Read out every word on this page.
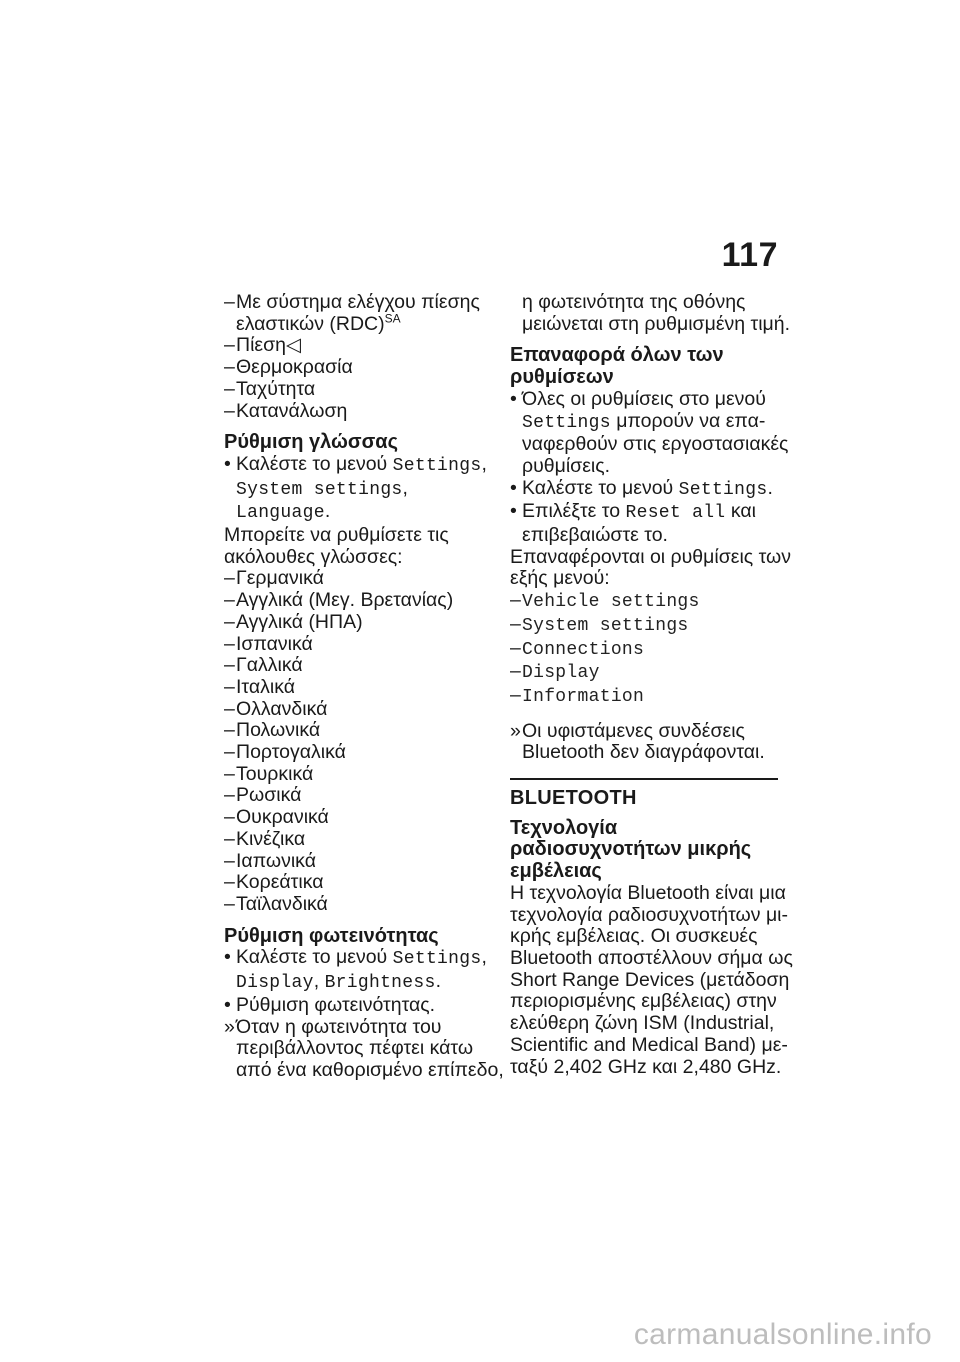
117
– Με σύστημα ελέγχου πίεσης
ελαστικών (RDC)$^{SA}$
– Πίεση◁
– Θερμοκρασία
– Ταχύτητα
– Κατανάλωση
Ρύθμιση γλώσσας
• Καλέστε το μενού Settings,
System settings,
Language.
Μπορείτε να ρυθμίσετε τις
ακόλουθες γλώσσες:
– Γερμανικά
– Αγγλικά (Μεγ. Βρετανίας)
– Αγγλικά (ΗΠΑ)
– Ισπανικά
– Γαλλικά
– Ιταλικά
– Ολλανδικά
– Πολωνικά
– Πορτογαλικά
– Τουρκικά
– Ρωσικά
– Ουκρανικά
– Κινέζικα
– Ιαπωνικά
– Κορεάτικα
– Ταϊλανδικά
Ρύθμιση φωτεινότητας
• Καλέστε το μενού Settings,
Display, Brightness.
• Ρύθμιση φωτεινότητας.
» Όταν η φωτεινότητα του
περιβάλλοντος πέφτει κάτω
από ένα καθορισμένο επίπεδο,
η φωτεινότητα της οθόνης
μειώνεται στη ρυθμισμένη τιμή.
Επαναφορά όλων των
ρυθμίσεων
• Όλες οι ρυθμίσεις στο μενού
Settings μπορούν να επα-
ναφερθούν στις εργοστασιακές
ρυθμίσεις.
• Καλέστε το μενού Settings.
• Επιλέξτε το Reset all και
επιβεβαιώστε το.
Επαναφέρονται οι ρυθμίσεις των
εξής μενού:
– Vehicle settings
– System settings
– Connections
– Display
– Information
» Οι υφιστάμενες συνδέσεις
Bluetooth δεν διαγράφονται.
BLUETOOTH
Τεχνολογία
ραδιοσυχνοτήτων μικρής
εμβέλειας
Η τεχνολογία Bluetooth είναι μια
τεχνολογία ραδιοσυχνοτήτων μι-
κρής εμβέλειας. Οι συσκευές
Bluetooth αποστέλλουν σήμα ως
Short Range Devices (μετάδοση
περιορισμένης εμβέλειας) στην
ελεύθερη ζώνη ISM (Industrial,
Scientific and Medical Band) με-
ταξύ 2,402 GHz και 2,480 GHz.
carmanualsonline.info
